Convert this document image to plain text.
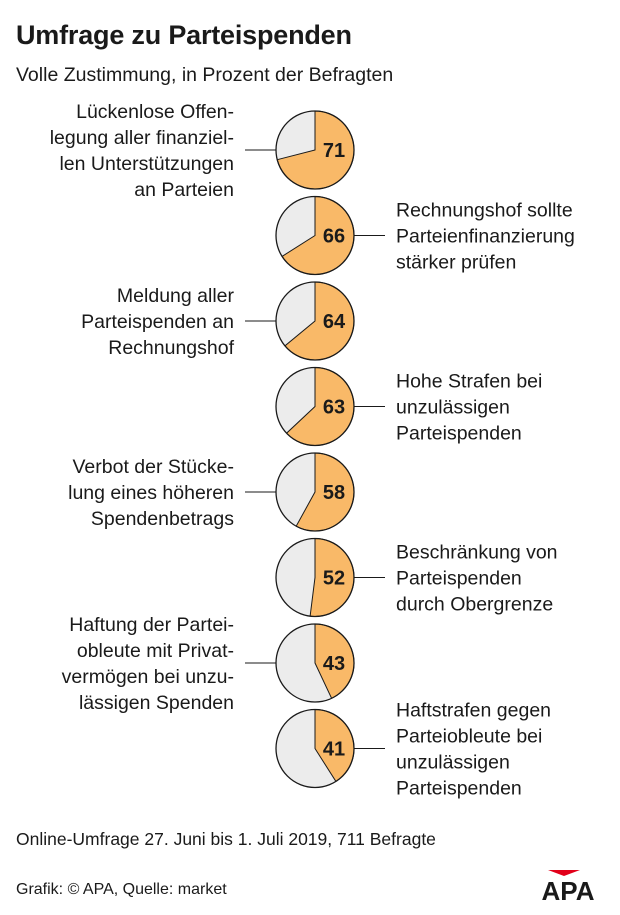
Umfrage zu Parteispenden
Volle Zustimmung, in Prozent der Befragten
71
Lückenlose Offen-legung aller finanziel-len Unterstützungen an Parteien
66
Rechnungshof sollte Parteienfinanzierung stärker prüfen
64
Meldung aller Parteispenden an Rechnungshof
63
Hohe Strafen bei unzulässigen Parteispenden
58
Verbot der Stücke-lung eines höheren Spendenbetrags
52
Beschränkung von Parteispenden durch Obergrenze
43
Haftung der Partei-obleute mit Privat-vermögen bei unzu-lässigen Spenden
41
Haftstrafen gegen Parteiobleute bei unzulässigen Parteispenden
Online-Umfrage 27. Juni bis 1. Juli 2019, 711 Befragte
Grafik: © APA, Quelle: market	APA
